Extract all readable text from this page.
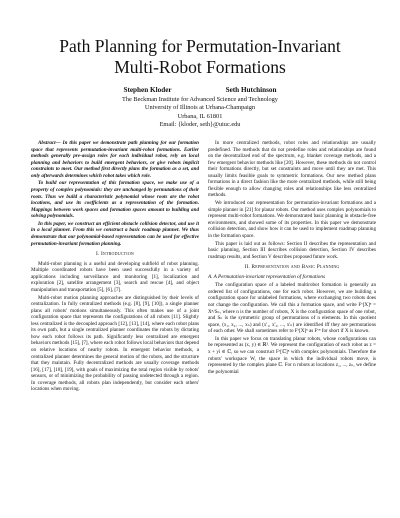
Path Planning for Permutation-Invariant
Multi-Robot Formations
Stephen Kloder	Seth Hutchinson
The Beckman Institute for Advanced Science and Technology
University of Illinois at Urbana-Champaign
Urbana, IL 61801
Email: {kloder, seth}@uiuc.edu

Abstract— In this paper we demonstrate path planning for our formation space that represents permutation-invariant multi-robot formations. Earlier methods generally pre-assign roles for each individual robot, rely on local planning and behaviors to build emergent behaviors, or give robots implicit constraints to meet. Our method first directly plans the formation as a set, and only afterwards determines which robot takes which role.

To build our representation of this formation space, we make use of a property of complex polynomials: they are unchanged by permutations of their roots. Thus we build a characteristic polynomial whose roots are the robot locations, and use its coefficients as a representation of the formation. Mappings between work spaces and formation spaces amount to building and solving polynomials.

In this paper, we construct an efficient obstacle collision detector, and use it in a local planner. From this we construct a basic roadmap planner. We thus demonstrate that our polynomial-based representation can be used for effective permutation-invariant formation planning.

I. Introduction

Multi-robot planning is a useful and developing subfield of robot planning. Multiple coordinated robots have been used successfully in a variety of applications including surveillance and monitoring [1], localization and exploration [2], satellite arrangement [3], search and rescue [4], and object manipulation and transportation [5], [6], [7].

Multi-robot motion planning approaches are distinguished by their levels of centralization. In fully centralized methods (e.g. [8], [9], [10]), a single planner plans all robots' motions simultaneously. This often makes use of a joint configuration space that represents the configurations of all robots [11]. Slightly less centralized is the decoupled approach [12], [13], [14], where each robot plans its own path, but a single centralized planner coordinates the robots by dictating how each robot follows its path. Significantly less centralized are emergent behaviors methods [15], [7], where each robot follows local behaviors that depend on relative locations of nearby robots. In emergent behavior methods, a centralized planner determines the general motion of the robots, and the structure that they maintain. Fully decentralized methods are usually coverage methods [16], [17], [18], [19], with goals of maximizing the total region visible by robots' sensors, or of minimizing the probability of passing undetected through a region. In coverage methods, all robots plan independently, but consider each others' locations when moving.

In more centralized methods, robot roles and relationships are usually predefined. The methods that do not predefine roles and relationships are found on the decentralized end of the spectrum, e.g. blanket coverage methods, and a few emergent behavior methods like [20]. However, these methods do not control their formations directly, but set constraints and move until they are met. This usually limits feasible goals to symmetric formations. Our new method plans formations in a direct fashion like the more centralized methods, while still being flexible enough to allow changing roles and relationships like less centralized methods.

We introduced our representation for permutation-invariant formations and a simple planner in [21] for planar robots. Our method uses complex polynomials to represent multi-robot formations. We demonstrated basic planning in obstacle-free environments, and showed some of its properties. In this paper we demonstrate collision detection, and show how it can be used to implement roadmap planning in the formation space.

This paper is laid out as follows: Section II describes the representation and basic planning, Section III describes collision detection, Section IV describes roadmap results, and Section V describes proposed future work.

II. Representation and Basic Planning
A. A Permutation-invariant representation of formations

The configuration space of a labeled multirobot formation is generally an ordered list of configurations, one for each robot. However, we are building a configuration space for unlabeled formations, where exchanging two robots does not change the configuration. We call this a formation space, and write Fᵛ[X]ⁿ = Xⁿ/Sₙ, where n is the number of robots, X is the configuration space of one robot, and Sₙ is the symmetric group of permutations of n elements. In this quotient space, (x₁, x₂, ..., xₙ) and (x'₁, x'₂, ..., x'ₙ) are identified iff they are permutations of each other. We shall sometimes refer to Fᵛ[X]ⁿ as Fᵛⁿ for short if X is known.

In this paper we focus on translating planar robots, whose configurations can be represented as (x, y) ∈ ℝ². We represent the configuration of each robot as z = x + yi ∈ ℂ, so we can construct Fᵛ[ℂ]ⁿ with complex polynomials. Therefore the robots' workspace W, the space in which the individual robots move, is represented by the complex plane ℂ. For n robots at locations z₁, ..., zₙ, we define the polynomial
